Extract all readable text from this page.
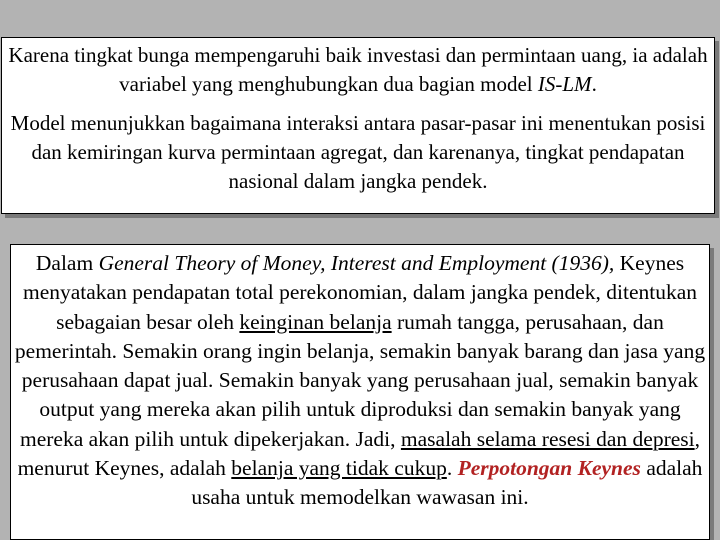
Karena tingkat bunga mempengaruhi baik investasi dan permintaan uang, ia adalah variabel yang menghubungkan dua bagian model IS-LM.

Model menunjukkan bagaimana interaksi antara pasar-pasar ini menentukan posisi dan kemiringan kurva permintaan agregat, dan karenanya, tingkat pendapatan nasional dalam jangka pendek.

Dalam General Theory of Money, Interest and Employment (1936), Keynes menyatakan pendapatan total perekonomian, dalam jangka pendek, ditentukan sebagaian besar oleh keinginan belanja rumah tangga, perusahaan, dan pemerintah. Semakin orang ingin belanja, semakin banyak barang dan jasa yang perusahaan dapat jual. Semakin banyak yang perusahaan jual, semakin banyak output yang mereka akan pilih untuk diproduksi dan semakin banyak yang mereka akan pilih untuk dipekerjakan. Jadi, masalah selama resesi dan depresi, menurut Keynes, adalah belanja yang tidak cukup. Perpotongan Keynes adalah usaha untuk memodelkan wawasan ini.
